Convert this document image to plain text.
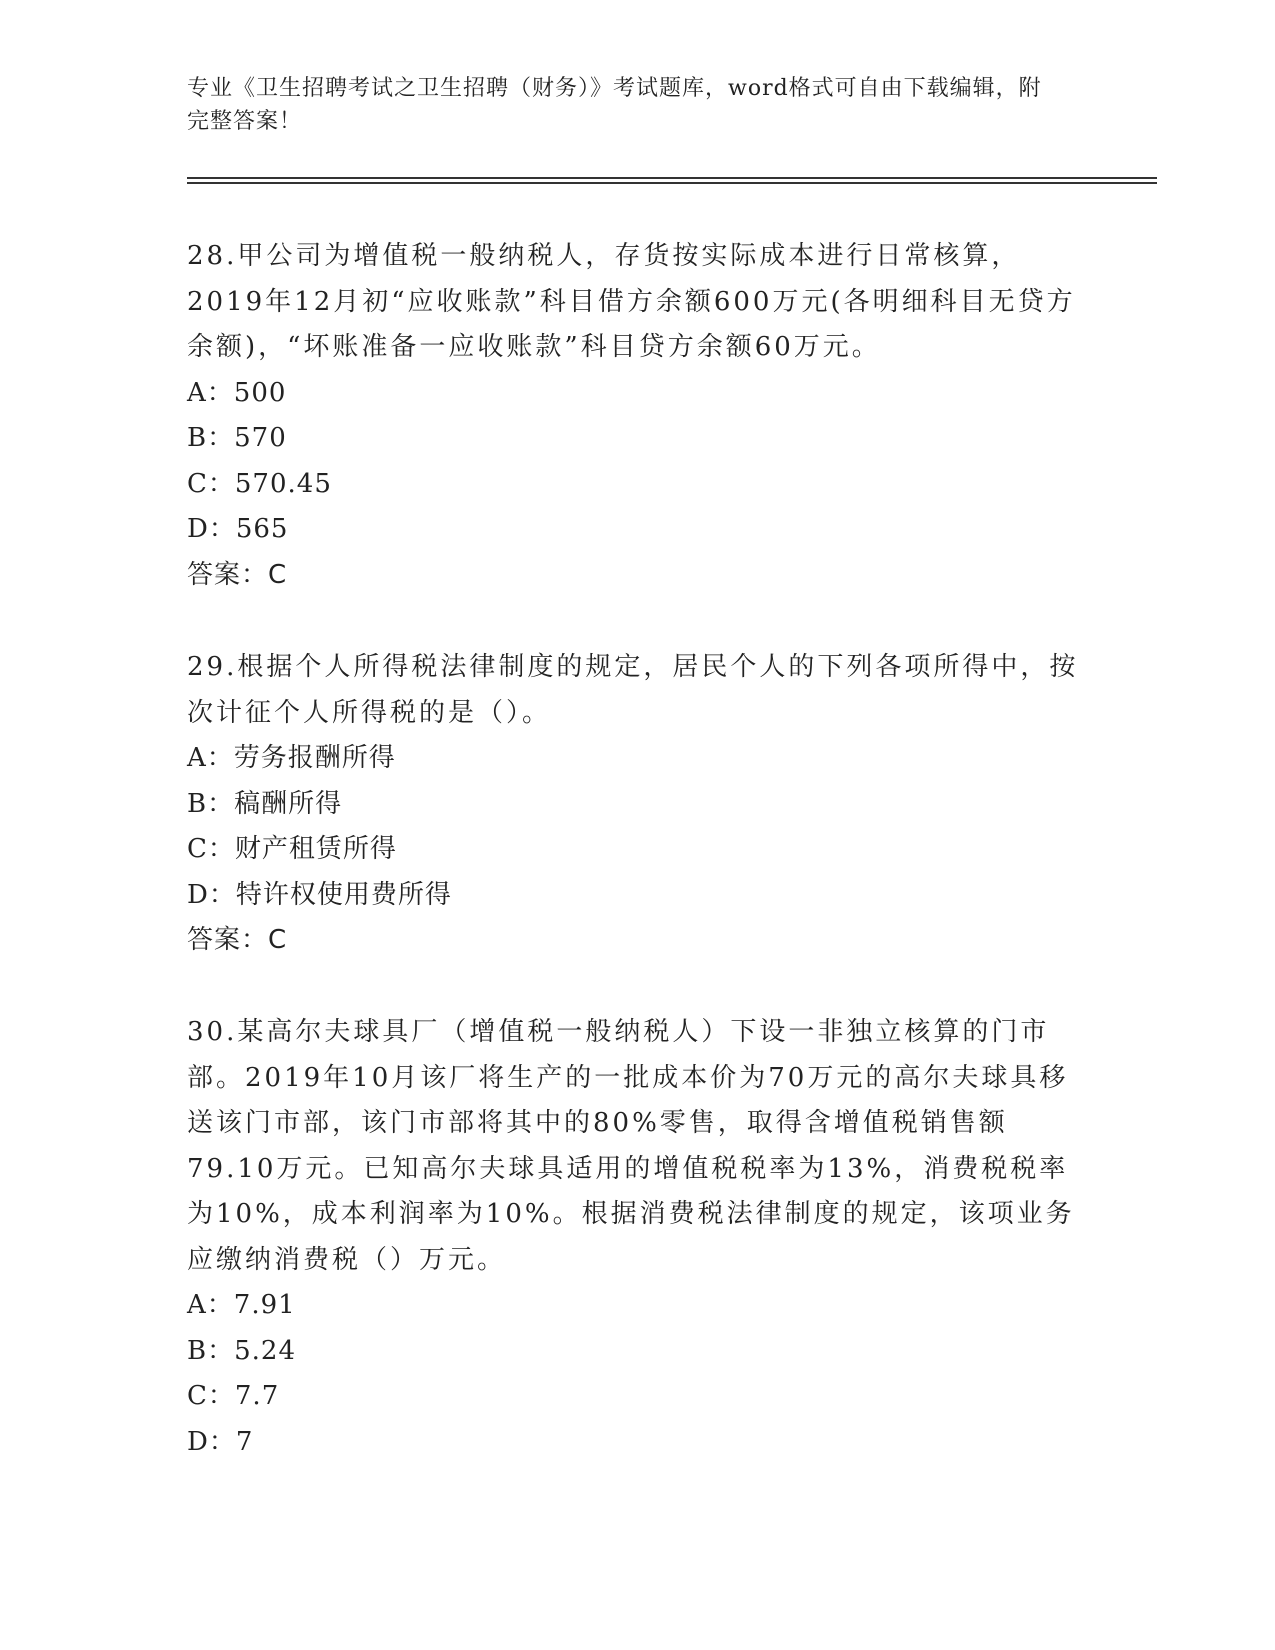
专业《卫生招聘考试之卫生招聘（财务）》考试题库，word格式可自由下载编辑，附完整答案！
28.甲公司为增值税一般纳税人，存货按实际成本进行日常核算，2019年12月初“应收账款”科目借方余额600万元(各明细科目无贷方余额)，“坏账准备一应收账款”科目贷方余额60万元。
A：500
B：570
C：570.45
D：565
答案：C
29.根据个人所得税法律制度的规定，居民个人的下列各项所得中，按次计征个人所得税的是（）。
A：劳务报酬所得
B：稿酬所得
C：财产租赁所得
D：特许权使用费所得
答案：C
30.某高尔夫球具厂（增值税一般纳税人）下设一非独立核算的门市部。2019年10月该厂将生产的一批成本价为70万元的高尔夫球具移送该门市部，该门市部将其中的80%零售，取得含增值税销售额79.10万元。已知高尔夫球具适用的增值税税率为13%，消费税税率为10%，成本利润率为10%。根据消费税法律制度的规定，该项业务应缴纳消费税（）万元。
A：7.91
B：5.24
C：7.7
D：7
